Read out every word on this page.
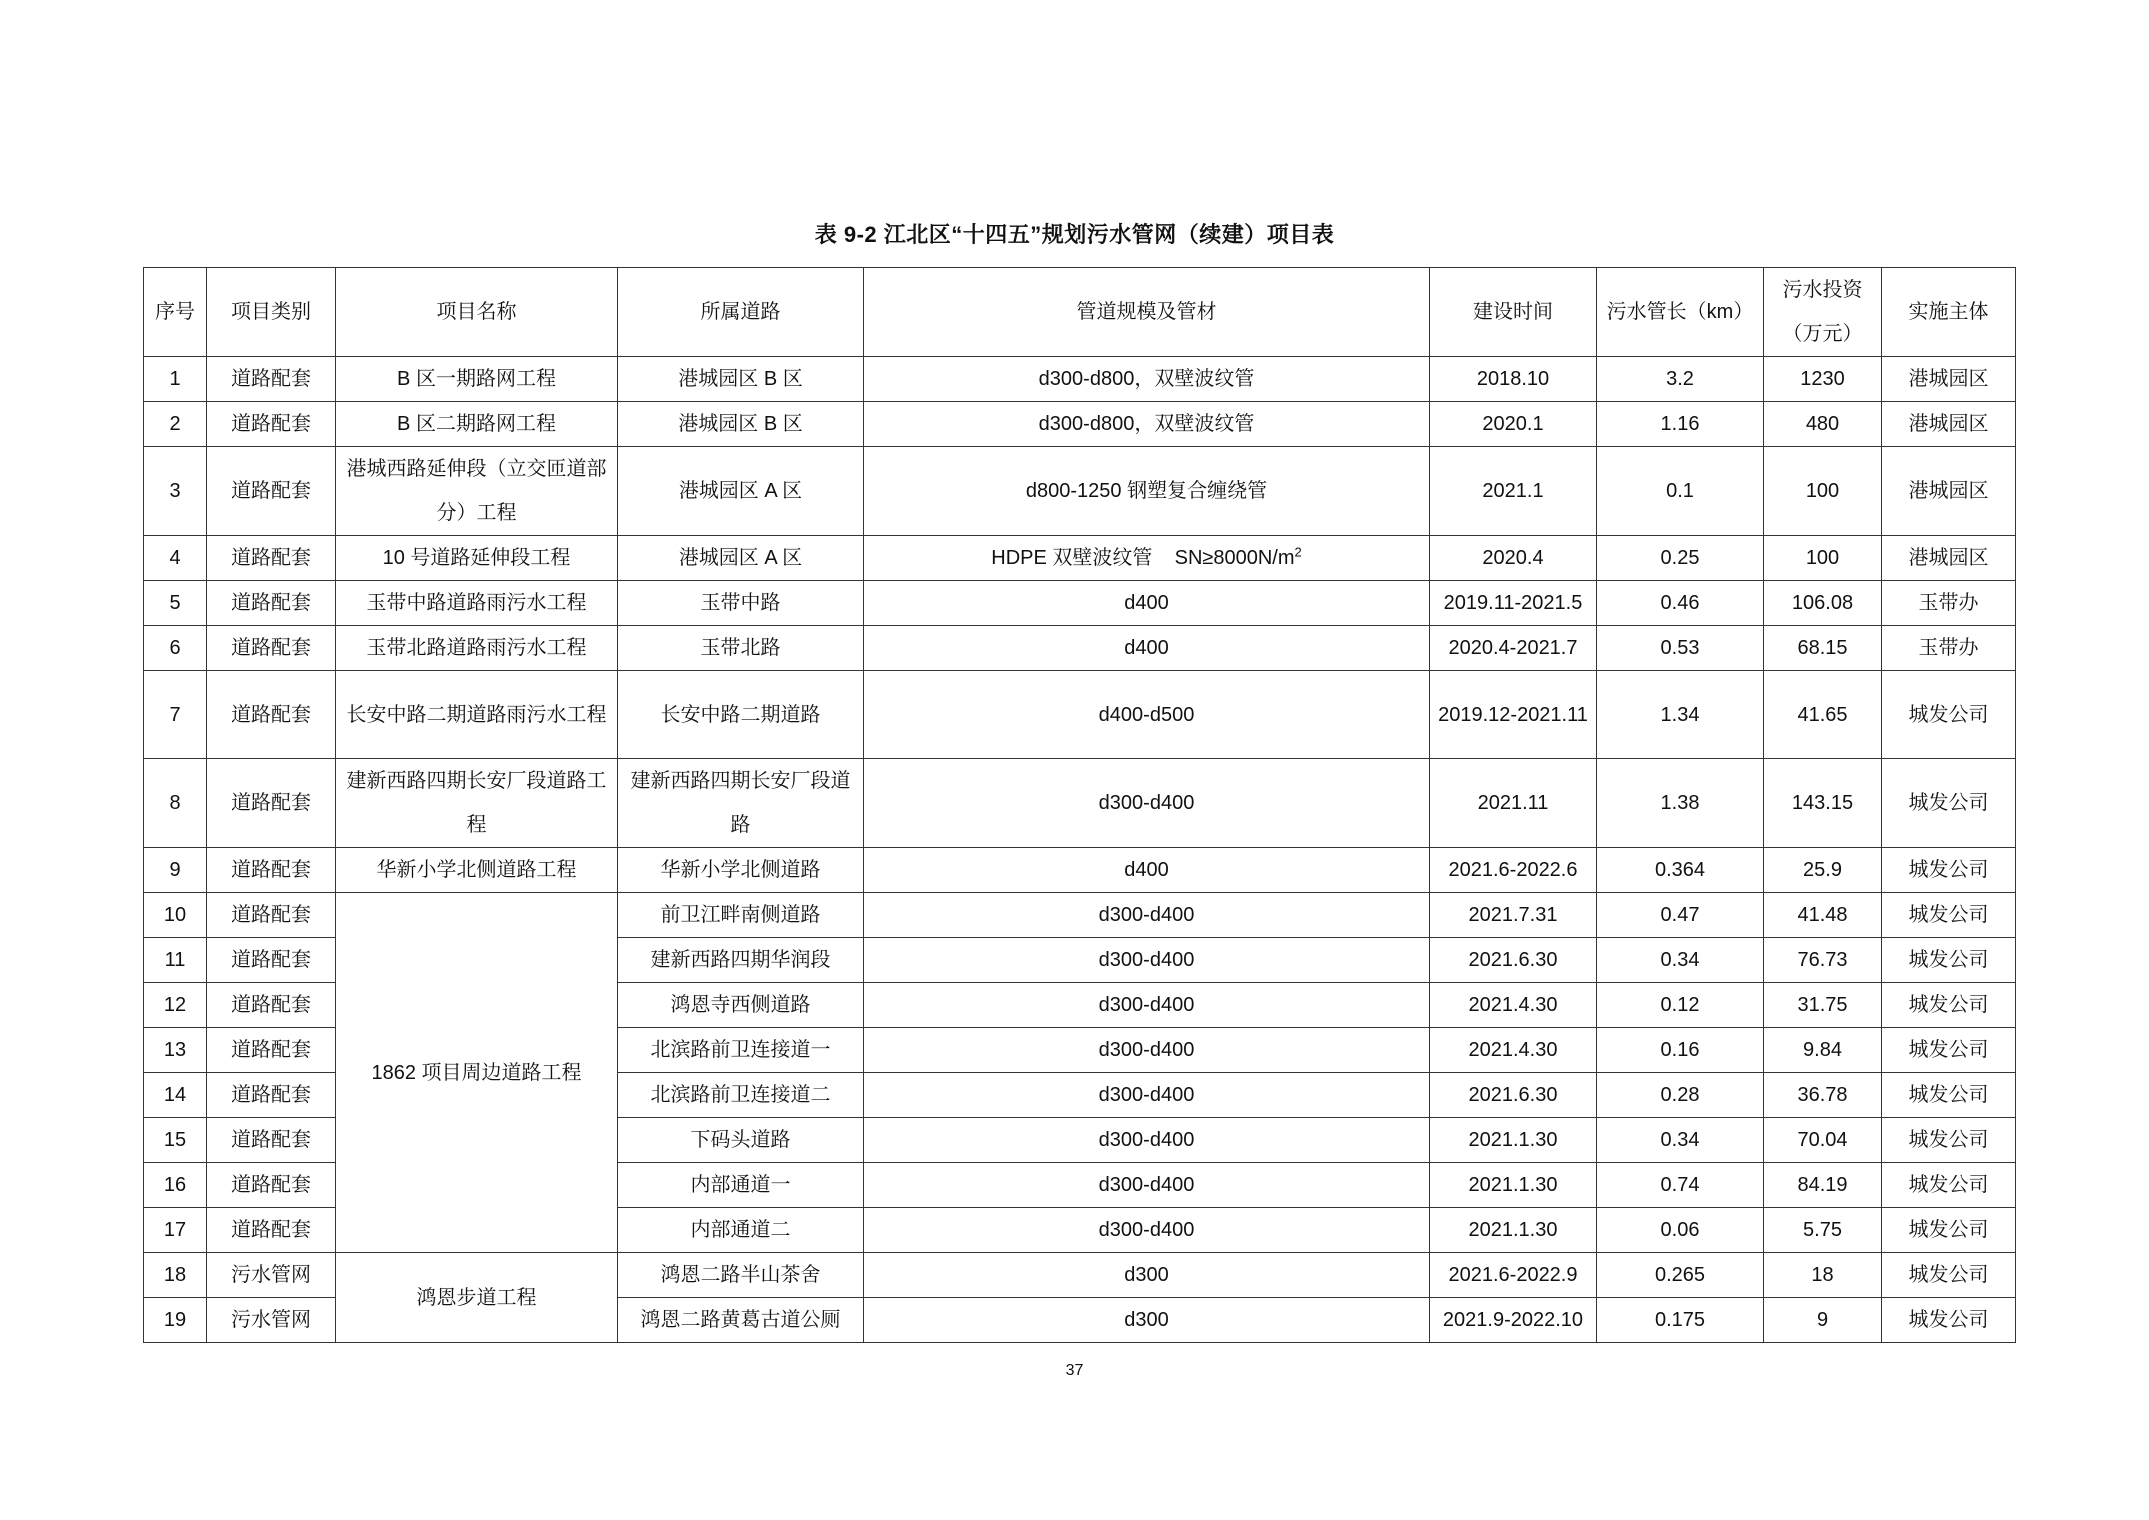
表 9-2 江北区“十四五”规划污水管网（续建）项目表
序号	项目类别	项目名称	所属道路	管道规模及管材	建设时间	污水管长（km）	污水投资（万元）	实施主体
1	道路配套	B 区一期路网工程	港城园区 B 区	d300-d800，双壁波纹管	2018.10	3.2	1230	港城园区
2	道路配套	B 区二期路网工程	港城园区 B 区	d300-d800，双壁波纹管	2020.1	1.16	480	港城园区
3	道路配套	港城西路延伸段（立交匝道部分）工程	港城园区 A 区	d800-1250 钢塑复合缠绕管	2021.1	0.1	100	港城园区
4	道路配套	10 号道路延伸段工程	港城园区 A 区	HDPE 双壁波纹管    $SN\ge 8000N/m^2$	2020.4	0.25	100	港城园区
5	道路配套	玉带中路道路雨污水工程	玉带中路	d400	2019.11-2021.5	0.46	106.08	玉带办
6	道路配套	玉带北路道路雨污水工程	玉带北路	d400	2020.4-2021.7	0.53	68.15	玉带办
7	道路配套	长安中路二期道路雨污水工程	长安中路二期道路	d400-d500	2019.12-2021.11	1.34	41.65	城发公司
8	道路配套	建新西路四期长安厂段道路工程	建新西路四期长安厂段道路	d300-d400	2021.11	1.38	143.15	城发公司
9	道路配套	华新小学北侧道路工程	华新小学北侧道路	d400	2021.6-2022.6	0.364	25.9	城发公司
10	道路配套	1862 项目周边道路工程	前卫江畔南侧道路	d300-d400	2021.7.31	0.47	41.48	城发公司
11	道路配套		建新西路四期华润段	d300-d400	2021.6.30	0.34	76.73	城发公司
12	道路配套		鸿恩寺西侧道路	d300-d400	2021.4.30	0.12	31.75	城发公司
13	道路配套		北滨路前卫连接道一	d300-d400	2021.4.30	0.16	9.84	城发公司
14	道路配套		北滨路前卫连接道二	d300-d400	2021.6.30	0.28	36.78	城发公司
15	道路配套		下码头道路	d300-d400	2021.1.30	0.34	70.04	城发公司
16	道路配套		内部通道一	d300-d400	2021.1.30	0.74	84.19	城发公司
17	道路配套		内部通道二	d300-d400	2021.1.30	0.06	5.75	城发公司
18	污水管网	鸿恩步道工程	鸿恩二路半山茶舍	d300	2021.6-2022.9	0.265	18	城发公司
19	污水管网		鸿恩二路黄葛古道公厕	d300	2021.9-2022.10	0.175	9	城发公司
37
